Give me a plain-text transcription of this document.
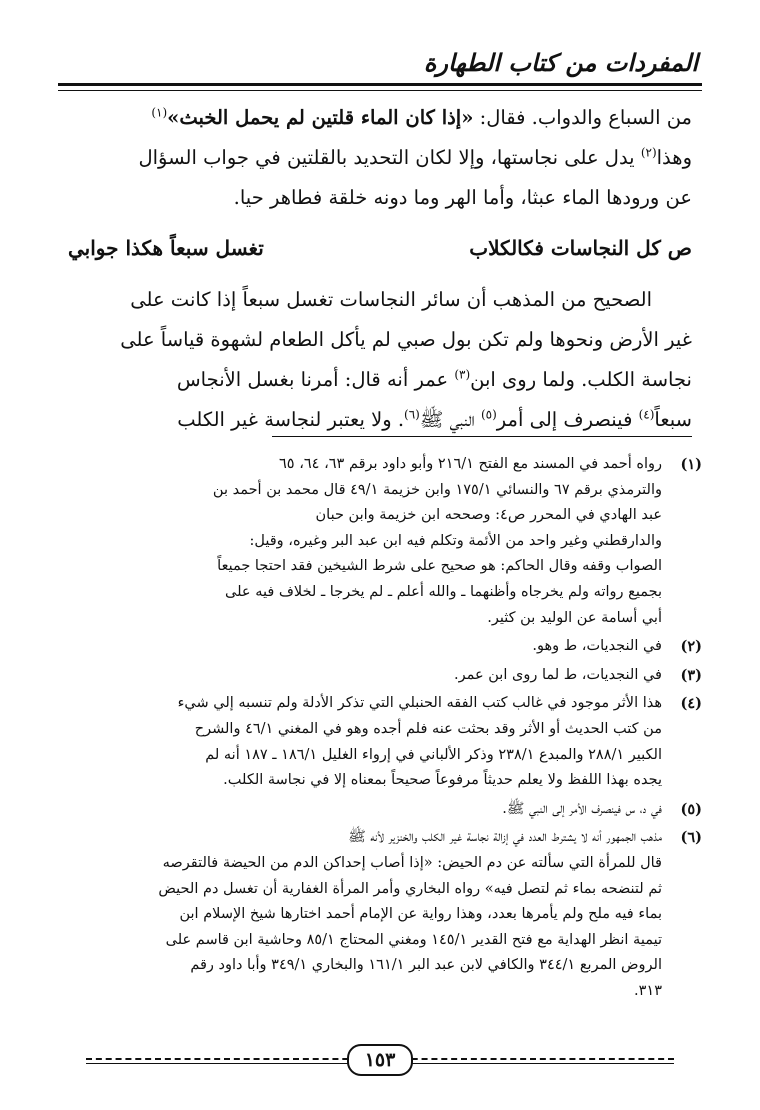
المفردات من كتاب الطهارة
من السباع والدواب. فقال: «إذا كان الماء قلتين لم يحمل الخبث»$^{(١)}$
وهذا$^{(٢)}$ يدل على نجاستها، وإلا لكان التحديد بالقلتين في جواب السؤال
عن ورودها الماء عبثا، وأما الهر وما دونه خلقة فطاهر حيا.
ص كل النجاسات فكالكلاب
تغسل سبعاً هكذا جوابي
الصحيح من المذهب أن سائر النجاسات تغسل سبعاً إذا كانت على
غير الأرض ونحوها ولم تكن بول صبي لم يأكل الطعام لشهوة قياساً على
نجاسة الكلب. ولما روى ابن$^{(٣)}$ عمر أنه قال: أمرنا بغسل الأنجاس
سبعاً$^{(٤)}$ فينصرف إلى أمر$^{(٥)}$ النبي ﷺ$^{(٦)}$. ولا يعتبر لنجاسة غير الكلب
(١)
رواه أحمد في المسند مع الفتح ٢١٦/١ وأبو داود برقم ٦٣، ٦٤، ٦٥
والترمذي برقم ٦٧ والنسائي ١٧٥/١ وابن خزيمة ٤٩/١ قال محمد بن أحمد بن
عبد الهادي في المحرر ص٤: وصححه ابن خزيمة وابن حبان
والدارقطني وغير واحد من الأئمة وتكلم فيه ابن عبد البر وغيره، وقيل:
الصواب وقفه وقال الحاكم: هو صحيح على شرط الشيخين فقد احتجا جميعاً
بجميع رواته ولم يخرجاه وأظنهما ـ والله أعلم ـ لم يخرجا ـ لخلاف فيه على
أبي أسامة عن الوليد بن كثير.
(٢)
في النجديات، ط وهو.
(٣)
في النجديات، ط لما روى ابن عمر.
(٤)
هذا الأثر موجود في غالب كتب الفقه الحنبلي التي تذكر الأدلة ولم تنسبه إلي شيء
من كتب الحديث أو الأثر وقد بحثت عنه فلم أجده وهو في المغني ٤٦/١ والشرح
الكبير ٢٨٨/١ والمبدع ٢٣٨/١ وذكر الألباني في إرواء الغليل ١٨٦/١ ـ ١٨٧ أنه لم
يجده بهذا اللفظ ولا يعلم حديثاً مرفوعاً صحيحاً بمعناه إلا في نجاسة الكلب.
(٥)
في د، س فينصرف الأمر إلى النبي ﷺ.
(٦)
مذهب الجمهور أنه لا يشترط العدد في إزالة نجاسة غير الكلب والخنزير لأنه ﷺ
قال للمرأة التي سألته عن دم الحيض: «إذا أصاب إحداكن الدم من الحيضة فالتقرصه
ثم لتنضحه بماء ثم لتصل فيه» رواه البخاري وأمر المرأة الغفارية أن تغسل دم الحيض
بماء فيه ملح ولم يأمرها بعدد، وهذا رواية عن الإمام أحمد اختارها شيخ الإسلام ابن
تيمية انظر الهداية مع فتح القدير ١٤٥/١ ومغني المحتاج ٨٥/١ وحاشية ابن قاسم على
الروض المربع ٣٤٤/١ والكافي لابن عبد البر ١٦١/١ والبخاري ٣٤٩/١ وأبا داود رقم
٣١٣.
١٥٣
